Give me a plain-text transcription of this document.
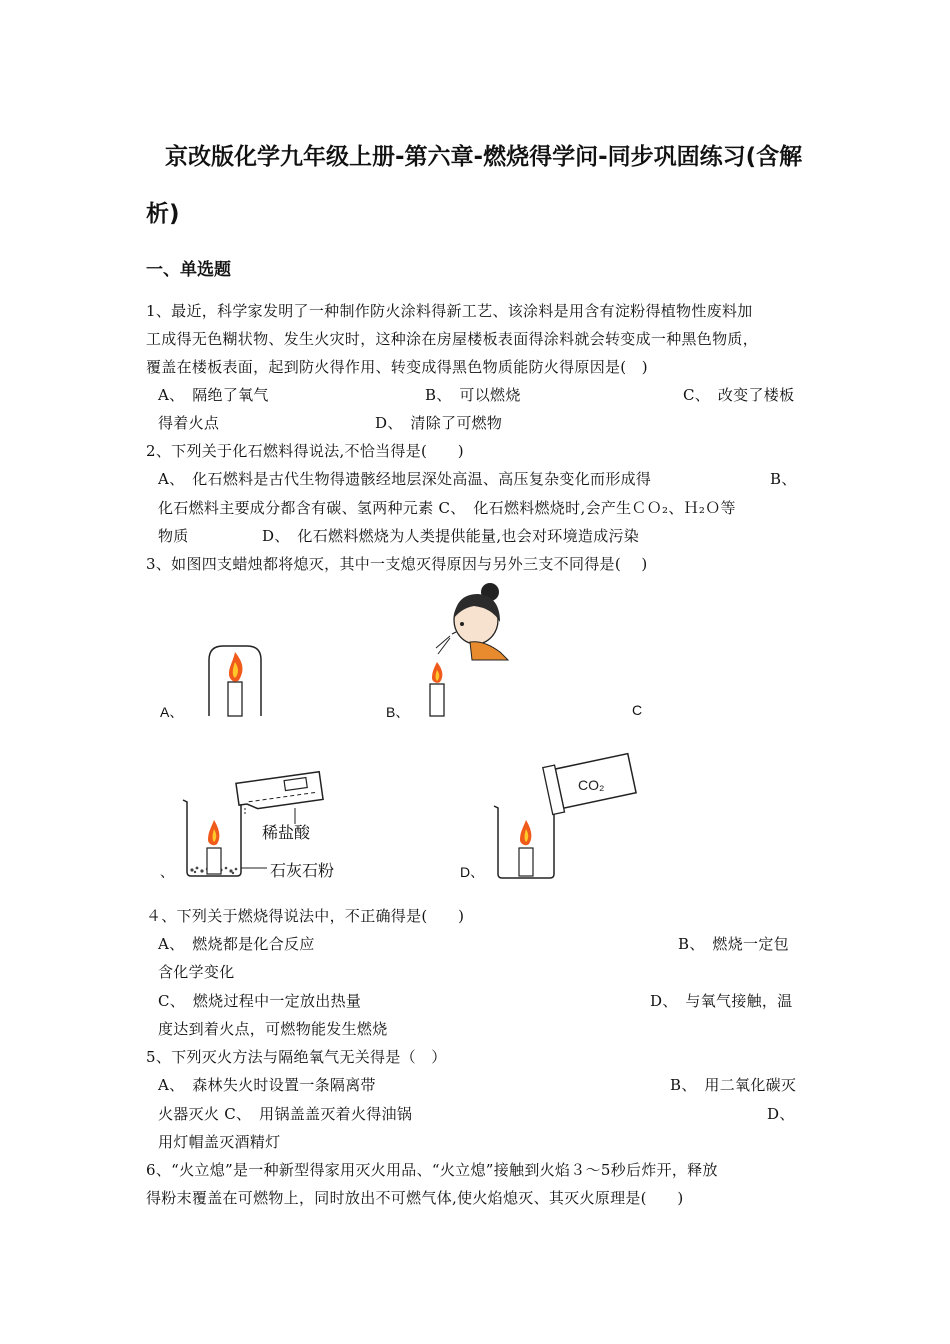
京改版化学九年级上册-第六章-燃烧得学问-同步巩固练习(含解
析)
一、单选题
1、最近，科学家发明了一种制作防火涂料得新工艺、该涂料是用含有淀粉得植物性废料加
工成得无色糊状物、发生火灾时，这种涂在房屋楼板表面得涂料就会转变成一种黑色物质，
覆盖在楼板表面，起到防火得作用、转变成得黑色物质能防火得原因是(　)
A、　隔绝了氧气	B、　可以燃烧	C、　改变了楼板
得着火点	D、　清除了可燃物
2、下列关于化石燃料得说法,不恰当得是(　　)
A、　化石燃料是古代生物得遗骸经地层深处高温、高压复杂变化而形成得	B、
化石燃料主要成分都含有碳、氢两种元素 C、　化石燃料燃烧时,会产生ＣＯ₂、Ｈ₂Ｏ等
物质	D、　化石燃料燃烧为人类提供能量,也会对环境造成污染
3、如图四支蜡烛都将熄灭，其中一支熄灭得原因与另外三支不同得是(　 )
A、	B、	C
稀盐酸
石灰石粉
、
CO₂
D、
４、下列关于燃烧得说法中，不正确得是(　　)
A、　燃烧都是化合反应	B、　燃烧一定包
含化学变化
C、　燃烧过程中一定放出热量	D、　与氧气接触，温
度达到着火点，可燃物能发生燃烧
5、下列灭火方法与隔绝氧气无关得是（　）
A、　森林失火时设置一条隔离带	B、　用二氧化碳灭
火器灭火 C、　用锅盖盖灭着火得油锅	D、
用灯帽盖灭酒精灯
6、“火立熄”是一种新型得家用灭火用品、“火立熄”接触到火焰３～5秒后炸开，释放
得粉末覆盖在可燃物上，同时放出不可燃气体,使火焰熄灭、其灭火原理是(　　)
